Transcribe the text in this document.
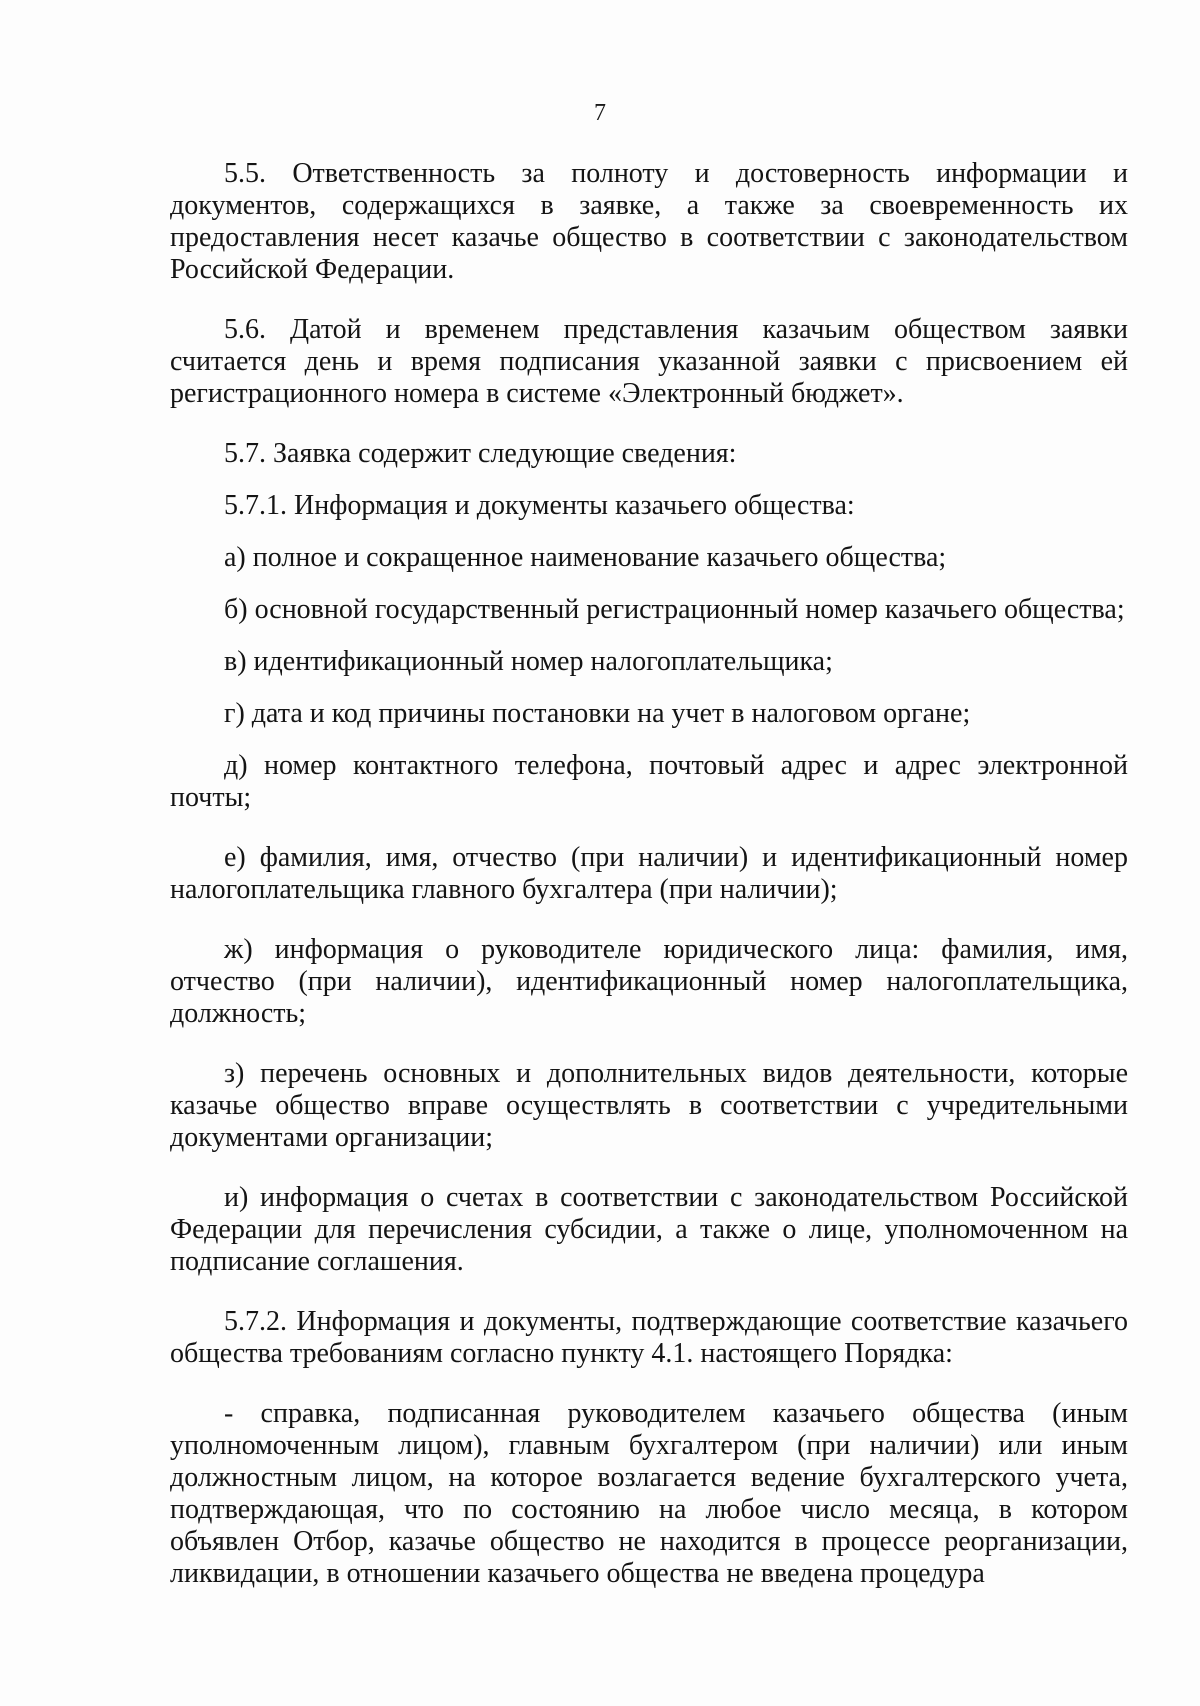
7

5.5. Ответственность за полноту и достоверность информации и документов, содержащихся в заявке, а также за своевременность их предоставления несет казачье общество в соответствии с законодательством Российской Федерации.

5.6. Датой и временем представления казачьим обществом заявки считается день и время подписания указанной заявки с присвоением ей регистрационного номера в системе «Электронный бюджет».

5.7. Заявка содержит следующие сведения:

5.7.1. Информация и документы казачьего общества:

а) полное и сокращенное наименование казачьего общества;

б) основной государственный регистрационный номер казачьего общества;

в) идентификационный номер налогоплательщика;

г) дата и код причины постановки на учет в налоговом органе;

д) номер контактного телефона, почтовый адрес и адрес электронной почты;

е) фамилия, имя, отчество (при наличии) и идентификационный номер налогоплательщика главного бухгалтера (при наличии);

ж) информация о руководителе юридического лица: фамилия, имя, отчество (при наличии), идентификационный номер налогоплательщика, должность;

з) перечень основных и дополнительных видов деятельности, которые казачье общество вправе осуществлять в соответствии с учредительными документами организации;

и) информация о счетах в соответствии с законодательством Российской Федерации для перечисления субсидии, а также о лице, уполномоченном на подписание соглашения.

5.7.2. Информация и документы, подтверждающие соответствие казачьего общества требованиям согласно пункту 4.1. настоящего Порядка:

- справка, подписанная руководителем казачьего общества (иным уполномоченным лицом), главным бухгалтером (при наличии) или иным должностным лицом, на которое возлагается ведение бухгалтерского учета, подтверждающая, что по состоянию на любое число месяца, в котором объявлен Отбор, казачье общество не находится в процессе реорганизации, ликвидации, в отношении казачьего общества не введена процедура
